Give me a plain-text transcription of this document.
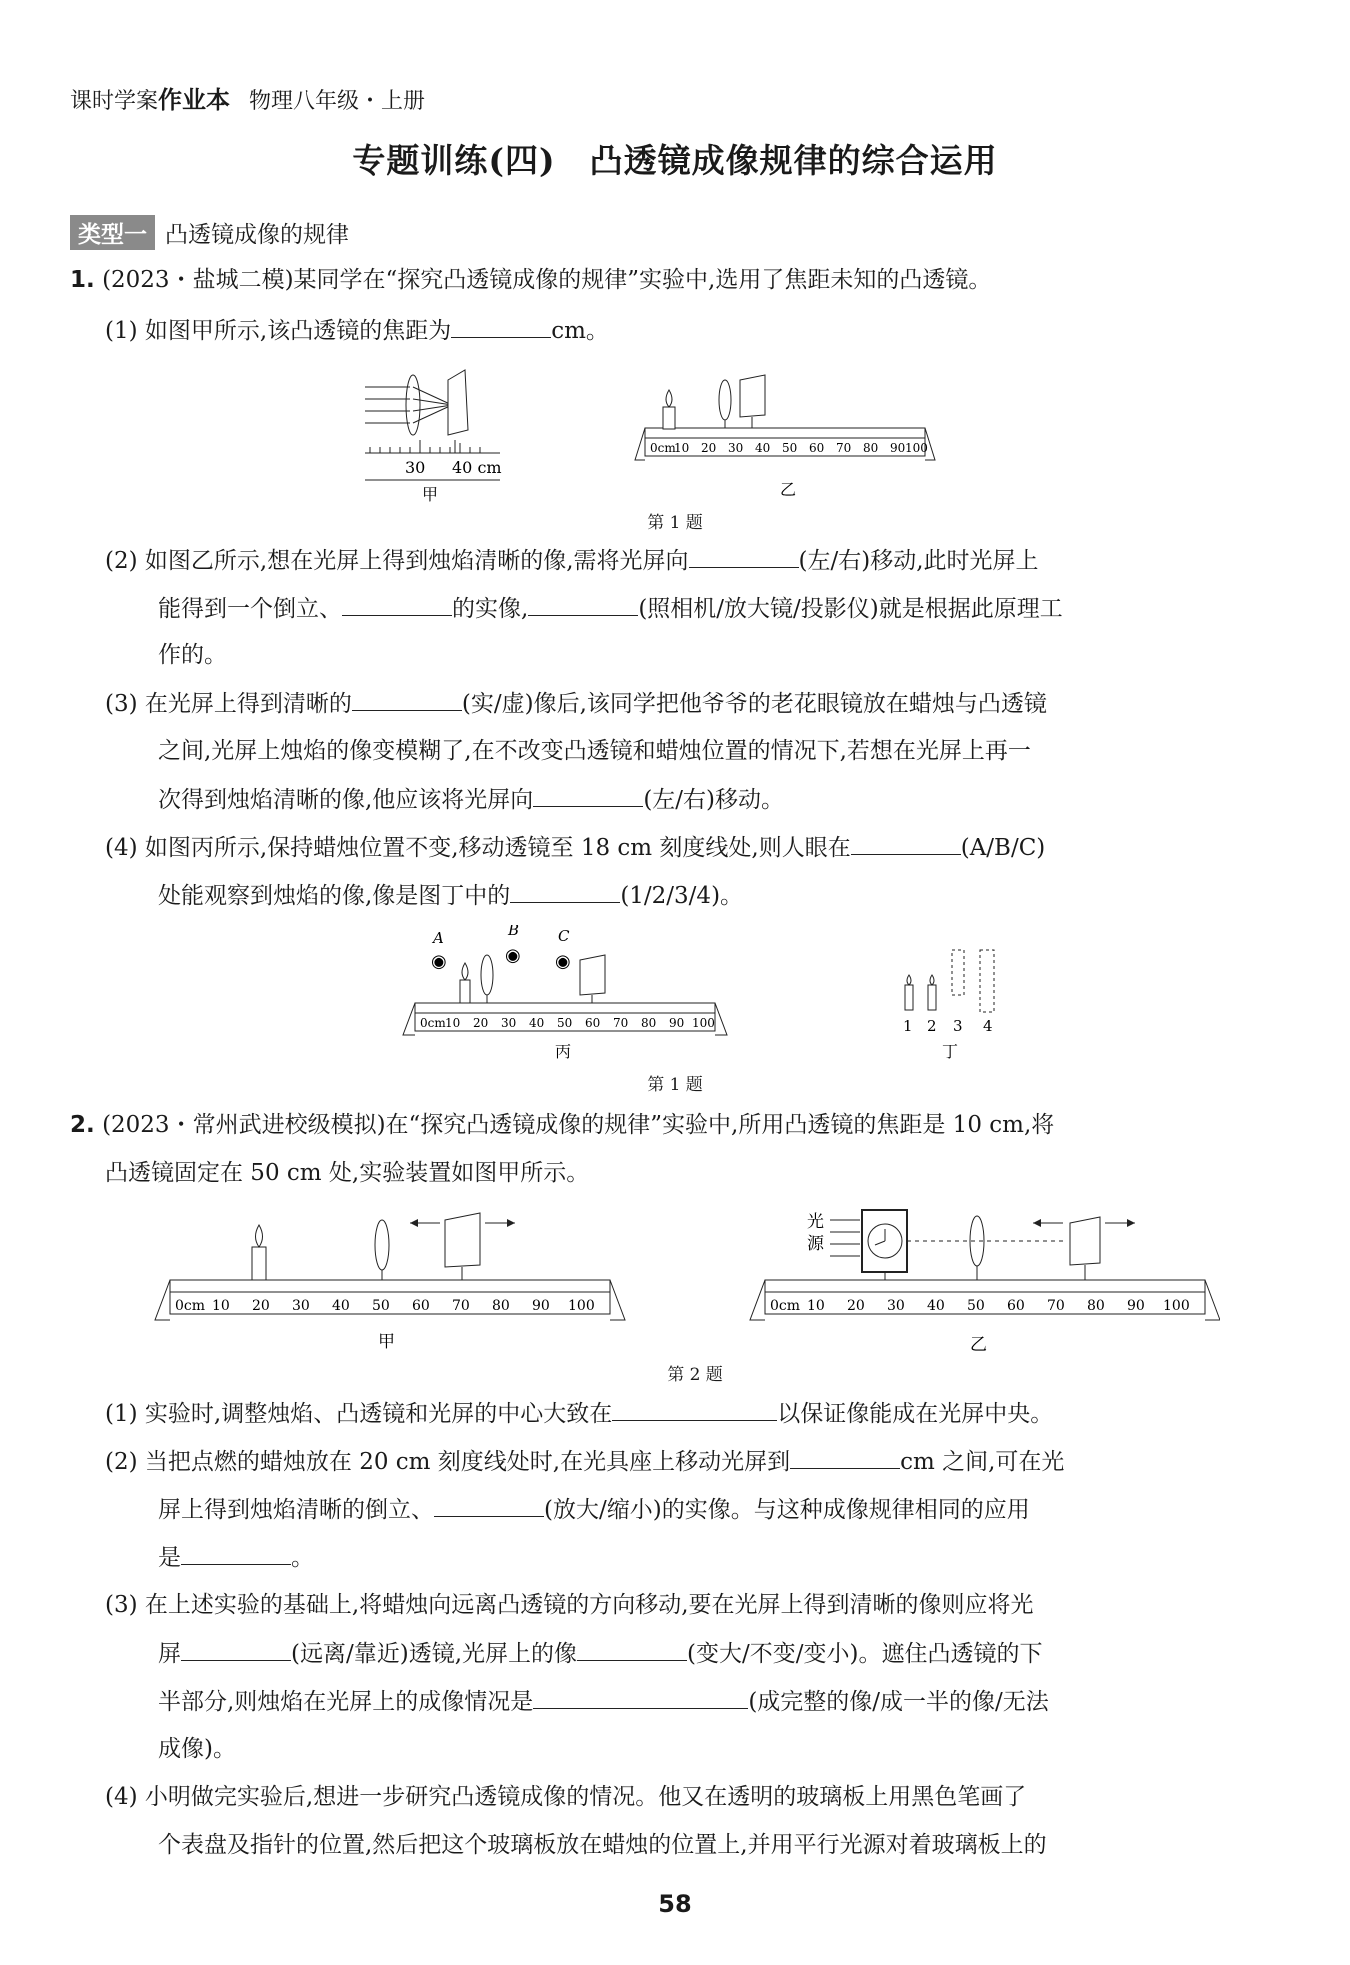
课时学案作业本 物理八年级・上册
专题训练(四)　凸透镜成像规律的综合运用
类型一 凸透镜成像的规律
1. (2023・盐城二模)某同学在“探究凸透镜成像的规律”实验中,选用了焦距未知的凸透镜。
(1) 如图甲所示,该凸透镜的焦距为	cm。
30 40 cm
甲
0cm
10 20 30 40 50 60 70 80 90 100
乙
第 1 题
(2) 如图乙所示,想在光屏上得到烛焰清晰的像,需将光屏向	(左/右)移动,此时光屏上
能得到一个倒立、	的实像,	(照相机/放大镜/投影仪)就是根据此原理工
作的。
(3) 在光屏上得到清晰的	(实/虚)像后,该同学把他爷爷的老花眼镜放在蜡烛与凸透镜
之间,光屏上烛焰的像变模糊了,在不改变凸透镜和蜡烛位置的情况下,若想在光屏上再一
次得到烛焰清晰的像,他应该将光屏向	(左/右)移动。
(4) 如图丙所示,保持蜡烛位置不变,移动透镜至 18 cm 刻度线处,则人眼在	(A/B/C)
处能观察到烛焰的像,像是图丁中的	(1/2/3/4)。
A	B	C
◉	◉ ◉
0cm 10 20 30 40 50 60 70 80 90 100
丙
1 2 3 4
丁
第 1 题
2. (2023・常州武进校级模拟)在“探究凸透镜成像的规律”实验中,所用凸透镜的焦距是 10 cm,将
凸透镜固定在 50 cm 处,实验装置如图甲所示。
0cm 10 20 30 40 50 60 70 80 90 100
甲
光
源
0cm 10 20 30 40 50 60 70 80 90 100
乙
第 2 题
(1) 实验时,调整烛焰、凸透镜和光屏的中心大致在	以保证像能成在光屏中央。
(2) 当把点燃的蜡烛放在 20 cm 刻度线处时,在光具座上移动光屏到	cm 之间,可在光
屏上得到烛焰清晰的倒立、	(放大/缩小)的实像。与这种成像规律相同的应用
是	。
(3) 在上述实验的基础上,将蜡烛向远离凸透镜的方向移动,要在光屏上得到清晰的像则应将光
屏	(远离/靠近)透镜,光屏上的像	(变大/不变/变小)。遮住凸透镜的下
半部分,则烛焰在光屏上的成像情况是	(成完整的像/成一半的像/无法
成像)。
(4) 小明做完实验后,想进一步研究凸透镜成像的情况。他又在透明的玻璃板上用黑色笔画了
个表盘及指针的位置,然后把这个玻璃板放在蜡烛的位置上,并用平行光源对着玻璃板上的
58
